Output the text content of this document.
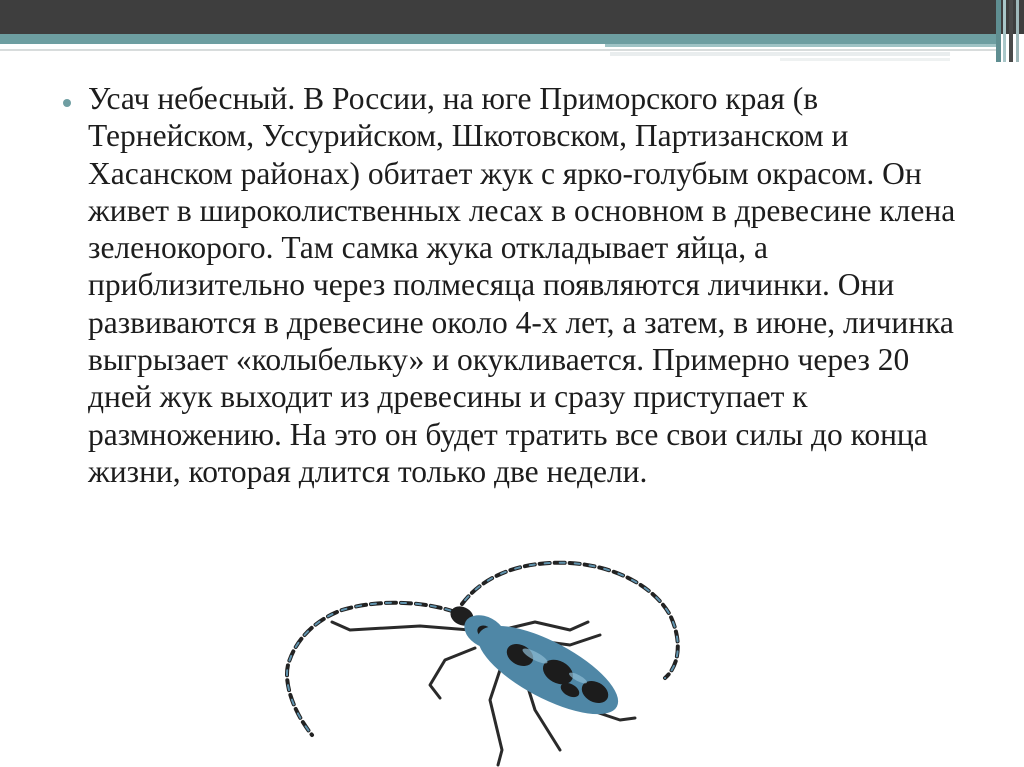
Усач небесный. В России, на юге Приморского края (в Тернейском, Уссурийском, Шкотовском, Партизанском и Хасанском районах) обитает жук с ярко-голубым окрасом. Он живет в широколиственных лесах в основном в древесине клена зеленокорого. Там самка жука откладывает яйца, а приблизительно через полмесяца появляются личинки. Они развиваются в древесине около 4-х лет, а затем, в июне, личинка выгрызает «колыбельку» и окукливается. Примерно через 20 дней жук выходит из древесины и сразу приступает к размножению. На это он будет тратить все свои силы до конца жизни, которая длится только две недели.
